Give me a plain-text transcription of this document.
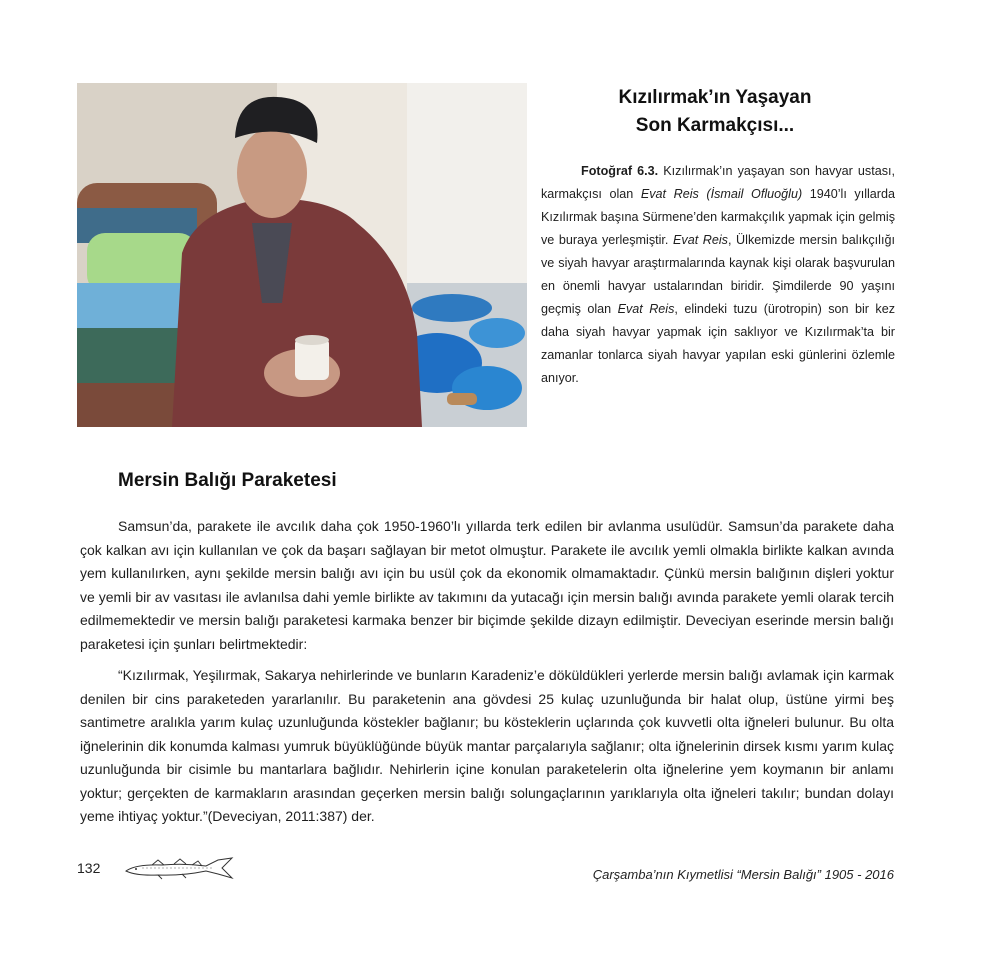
Kızılırmak’ın Yaşayan
Son Karmakçısı...
Fotoğraf 6.3. Kızılırmak’ın yaşayan son havyar ustası, karmakçısı olan Evat Reis (İsmail Ofluoğlu) 1940’lı yıllarda Kızılırmak başına Sürmene’den karmakçılık yapmak için gelmiş ve buraya yerleşmiştir. Evat Reis, Ülkemizde mersin balıkçılığı ve siyah havyar araştırmalarında kaynak kişi olarak başvurulan en önemli havyar ustalarından biridir. Şimdilerde 90 yaşını geçmiş olan Evat Reis, elindeki tuzu (ürotropin) son bir kez daha siyah havyar yapmak için saklıyor ve Kızılırmak’ta bir zamanlar tonlarca siyah havyar yapılan eski günlerini özlemle anıyor.
Mersin Balığı Paraketesi

Samsun’da, parakete ile avcılık daha çok 1950-1960’lı yıllarda terk edilen bir avlanma usulüdür. Samsun’da parakete daha çok kalkan avı için kullanılan ve çok da başarı sağlayan bir metot olmuştur. Parakete ile avcılık yemli olmakla birlikte kalkan avında yem kullanılırken, aynı şekilde mersin balığı avı için bu usül çok da ekonomik olmamaktadır. Çünkü mersin balığının dişleri yoktur ve yemli bir av vasıtası ile avlanılsa dahi yemle birlikte av takımını da yutacağı için mersin balığı avında parakete yemli olarak tercih edilmemektedir ve mersin balığı paraketesi karmaka benzer bir biçimde şekilde dizayn edilmiştir. Deveciyan eserinde mersin balığı paraketesi için şunları belirtmektedir:

“Kızılırmak, Yeşilırmak, Sakarya nehirlerinde ve bunların Karadeniz’e döküldükleri yerlerde mersin balığı avlamak için karmak denilen bir cins paraketeden yararlanılır. Bu paraketenin ana gövdesi 25 kulaç uzunluğunda bir halat olup, üstüne yirmi beş santimetre aralıkla yarım kulaç uzunluğunda köstekler bağlanır; bu kösteklerin uçlarında çok kuvvetli olta iğneleri bulunur. Bu olta iğnelerinin dik konumda kalması yumruk büyüklüğünde büyük mantar parçalarıyla sağlanır; olta iğnelerinin dirsek kısmı yarım kulaç uzunluğunda bir cisimle bu mantarlara bağlıdır. Nehirlerin içine konulan paraketelerin olta iğnelerine yem koymanın bir anlamı yoktur; gerçekten de karmakların arasından geçerken mersin balığı solungaçlarının yarıklarıyla olta iğneleri takılır; bundan dolayı yeme ihtiyaç yoktur.”(Deveciyan, 2011:387) der.

132	Çarşamba’nın Kıymetlisi “Mersin Balığı” 1905 - 2016
